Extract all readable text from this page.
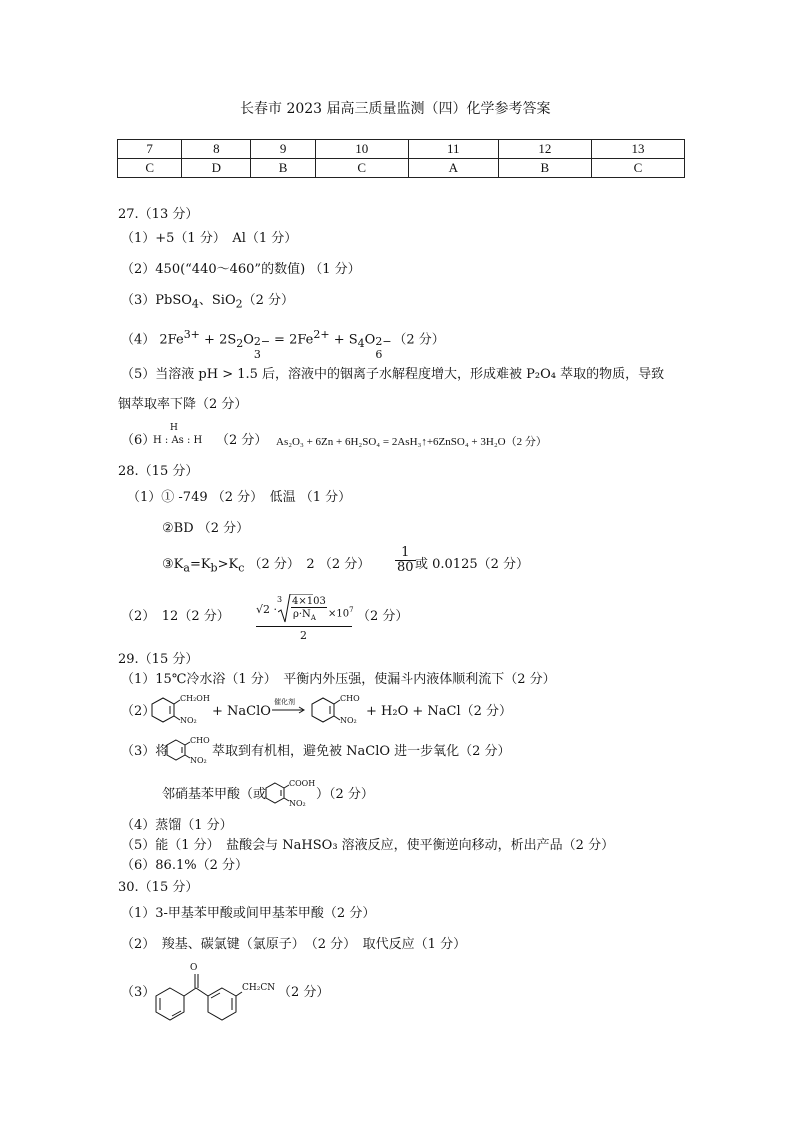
长春市 2023 届高三质量监测（四）化学参考答案
7	8	9	10	11	12	13
C	D	B	C	A	B	C
27.（13 分）
（1）+5（1 分）　Al（1 分）
（2）450(“440～460”的数值) （1 分）
（3）PbSO$_4$、SiO$_2$（2 分）
（4） $2Fe^{3+} + 2S_2O$ 2−
3
= $2Fe^{2+} + S_4O$ 2−
6
（2 分）
（5）当溶液 pH > 1.5 后，溶液中的铟离子水解程度增大，形成难被 P₂O₄ 萃取的物质，导致
铟萃取率下降（2 分）
（6）
H
H : As : H （2 分） As₂O₃ + 6Zn + 6H₂SO₄ = 2AsH₃↑+6ZnSO₄ + 3H₂O（2 分）
28.（15 分）
（1）① -749 （2 分）　低温 （1 分）
②BD （2 分）
$③K_a=K_b>K_c$ （2 分）　2 （2 分） $\frac{1}{80}$ 或 0.0125（2 分）
（2）　12（2 分） √2 ·
3 4×103
$\rho\cdot N_A \times 10^7$
2
（2 分）
29.（15 分）
（1）15℃冷水浴（1 分）　平衡内外压强，使漏斗内液体顺利流下（2 分）
（2）
CH₂OH
NO₂
+ NaClO
催化剂	CHO
NO₂
+ H₂O + NaCl（2 分）
（3）将
CHO
NO₂
萃取到有机相，避免被 NaClO 进一步氧化（2 分）
邻硝基苯甲酸（或
COOH
NO₂
）（2 分）
（4）蒸馏（1 分）
（5）能（1 分）　盐酸会与 NaHSO₃ 溶液反应，使平衡逆向移动，析出产品（2 分）
（6）86.1%（2 分）
30.（15 分）
（1）3-甲基苯甲酸或间甲基苯甲酸（2 分）
（2）　羧基、碳氯键（氯原子）　（2 分）　取代反应（1 分）
（3）
O
CH₂CN （2 分）
